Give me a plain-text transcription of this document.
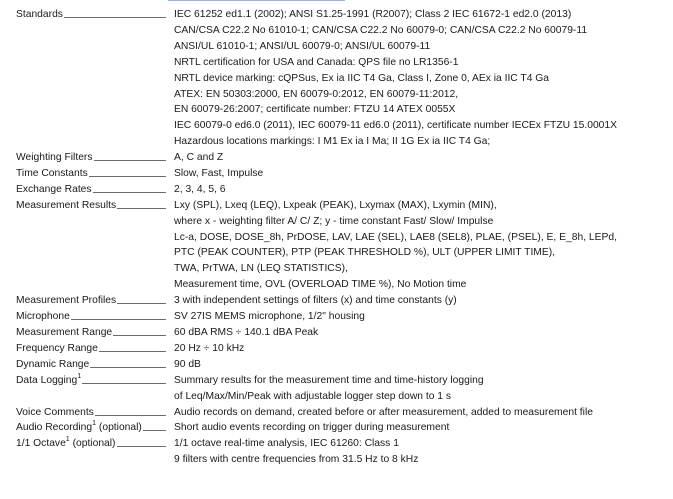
Standards	IEC 61252 ed1.1 (2002); ANSI S1.25-1991 (R2007); Class 2 IEC 61672-1 ed2.0 (2013)
CAN/CSA C22.2 No 61010-1; CAN/CSA C22.2 No 60079-0; CAN/CSA C22.2 No 60079-11
ANSI/UL 61010-1; ANSI/UL 60079-0; ANSI/UL 60079-11
NRTL certification for USA and Canada: QPS file no LR1356-1
NRTL device marking: cQPSus, Ex ia IIC T4 Ga, Class I, Zone 0, AEx ia IIC T4 Ga
ATEX: EN 50303:2000, EN 60079-0:2012, EN 60079-11:2012,
EN 60079-26:2007; certificate number: FTZU 14 ATEX 0055X
IEC 60079-0 ed6.0 (2011), IEC 60079-11 ed6.0 (2011), certificate number IECEx FTZU 15.0001X
Hazardous locations markings: I M1 Ex ia I Ma; II 1G Ex ia IIC T4 Ga;
Weighting Filters	A, C and Z
Time Constants	Slow, Fast, Impulse
Exchange Rates	2, 3, 4, 5, 6
Measurement Results	Lxy (SPL), Lxeq (LEQ), Lxpeak (PEAK), Lxymax (MAX), Lxymin (MIN),
where x - weighting filter A/ C/ Z; y - time constant Fast/ Slow/ Impulse
Lc-a, DOSE, DOSE_8h, PrDOSE, LAV, LAE (SEL), LAE8 (SEL8), PLAE, (PSEL), E, E_8h, LEPd,
PTC (PEAK COUNTER), PTP (PEAK THRESHOLD %), ULT (UPPER LIMIT TIME),
TWA, PrTWA, LN (LEQ STATISTICS),
Measurement time, OVL (OVERLOAD TIME %), No Motion time
Measurement Profiles	3 with independent settings of filters (x) and time constants (y)
Microphone	SV 27IS MEMS microphone, 1/2" housing
Measurement Range	60 dBA RMS ÷ 140.1 dBA Peak
Frequency Range	20 Hz ÷ 10 kHz
Dynamic Range	90 dB
Data Logging$^1$	Summary results for the measurement time and time-history logging
of Leq/Max/Min/Peak with adjustable logger step down to 1 s
Voice Comments	Audio records on demand, created before or after measurement, added to measurement file
Audio Recording$^1$ (optional)	Short audio events recording on trigger during measurement
1/1 Octave$^1$ (optional)	1/1 octave real-time analysis, IEC 61260: Class 1
9 filters with centre frequencies from 31.5 Hz to 8 kHz
